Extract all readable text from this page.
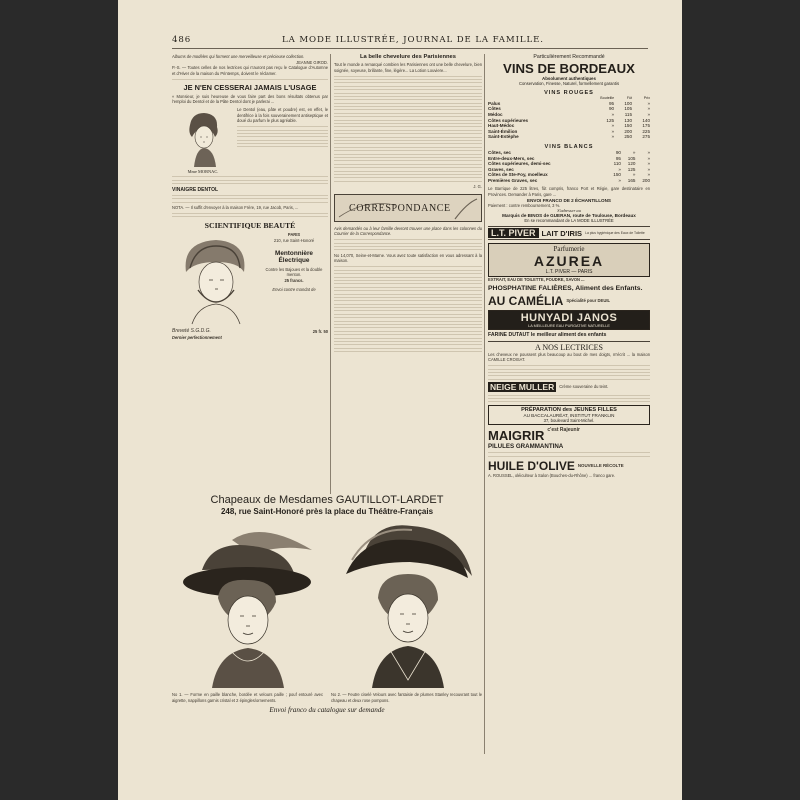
486	LA MODE ILLUSTRÉE, JOURNAL DE LA FAMILLE.

Albums de modèles qui forment une merveilleuse et précieuse collection.

JEANNE GIROD.

P.-S. — Toutes celles de nos lectrices qui n'auront pas reçu le Catalogue d'Automne et d'Hiver de la maison du Printemps, doivent le réclamer.

JE N'EN CESSERAI JAMAIS L'USAGE

« Monsieur, je suis heureuse de vous faire part des bons résultats obtenus par l'emploi du Dentol et de la Pâte Dentol dont je parlerai ...

Mme MORNAC.

Le Dentol (eau, pâte et poudre) est, en effet, le dentifrice à la fois souverainement antiseptique et doué du parfum le plus agréable.

VINAIGRE DENTOL

NOTA. — Il suffit d'envoyer à la maison Frère, 19, rue Jacob, Paris, ...

SCIENTIFIQUE BEAUTÉ

PARIS

210, rue Saint-Honoré

Mentonnière

Électrique

Contre les Bajoues et la double menton.

25 francs.

Envoi contre mandat de

Breveté S.G.D.G.	25 fr. 50

Dernier perfectionnement

La belle chevelure des Parisiennes

Tout le monde a remarqué combien les Parisiennes ont une belle chevelure, bien soignée, soyeuse, brillante, fine, légère... La Lotion Louviere...

J. G.

CORRESPONDANCE

Avis demandés ou à leur famille devront trouver une place dans les colonnes du Courrier de la Correspondance.

No 14,070, Seine-et-Marne. Vous avez toute satisfaction en vous adressant à la maison.

Chapeaux de Mesdames GAUTILLOT-LARDET

248, rue Saint-Honoré près la place du Théâtre-Français

No 1. — Forme en paille blanche, bordée et velours paille ; pouf entouré avec aigrette, nappillons garnis cristal et 2 épingles/ornements.

No 2. — Feutre ciselé Velours avec fantaisie de plumes Stanley recouvrant tout le chapeau et deux rose pompons.

Envoi franco du catalogue sur demande

Particulièrement Recommandé

VINS DE BORDEAUX

Absolument authentiques

Conservation, Finesse, Naturel, formellement garantis

VINS ROUGES

	Bouteille	Fût	Prix
Palus	95	100	»
Côtes	90	105	»
Médoc	»	115	»
Côtes supérieures	125	130	140
Haut-Médoc	»	150	175
Saint-Émilion	»	200	225
Saint-Estèphe	»	250	275

VINS BLANCS

Côtes, sec	90	»	»
Entre-deux-Mers, sec	95	105	»
Côtes supérieures, demi-sec	110	120	»
Graves, sec	»	125	»
Côtes de Ste-Foy, moelleux	150	»	»
Premières Graves, sec	»	165	200

Le Barrique de 225 litres, fût compris, franco Port et Régie, gare destinataire en Provinces. Demander à Paris, gare ...

ENVOI FRANCO DE 2 ÉCHANTILLONS

Paiement : contre remboursement, 3 %.

S'adresser au

Marquis de BINOS de GUERAN, route de Toulouse, Bordeaux

En se recommandant de LA MODE ILLUSTRÉE

L.T. PIVER LAIT D'IRIS La plus hygiénique des Eaux de Toilette

Parfumerie

AZUREA

L.T. PIVER — PARIS

EXTRAIT, EAU DE TOILETTE, POUDRE, SAVON ...

PHOSPHATINE FALIÈRES, Aliment des Enfants.

AU CAMÉLIA Spécialité pour DEUIL

HUNYADI JANOS

LA MEILLEURE EAU PURGATIVE NATURELLE

FARINE DUTAUT le meilleur aliment des enfants

A NOS LECTRICES

Les cheveux ne poussent plus beaucoup au bout de mes doigts, m'écrit ... la maison CAMILLE CROISAT.

NEIGE MULLER	Crème souveraine du teint.

PRÉPARATION des JEUNES FILLES

AU BACCALAURÉAT, INSTITUT FRANKLIN

37, boulevard Saint-Michel.

MAIGRIR c'est Rajeunir

PILULES GRAMMANTINA

HUILE D'OLIVE NOUVELLE RÉCOLTE

A. ROUSSEL, oléiculteur à Salon (Bouches-du-Rhône) ... franco gare.
